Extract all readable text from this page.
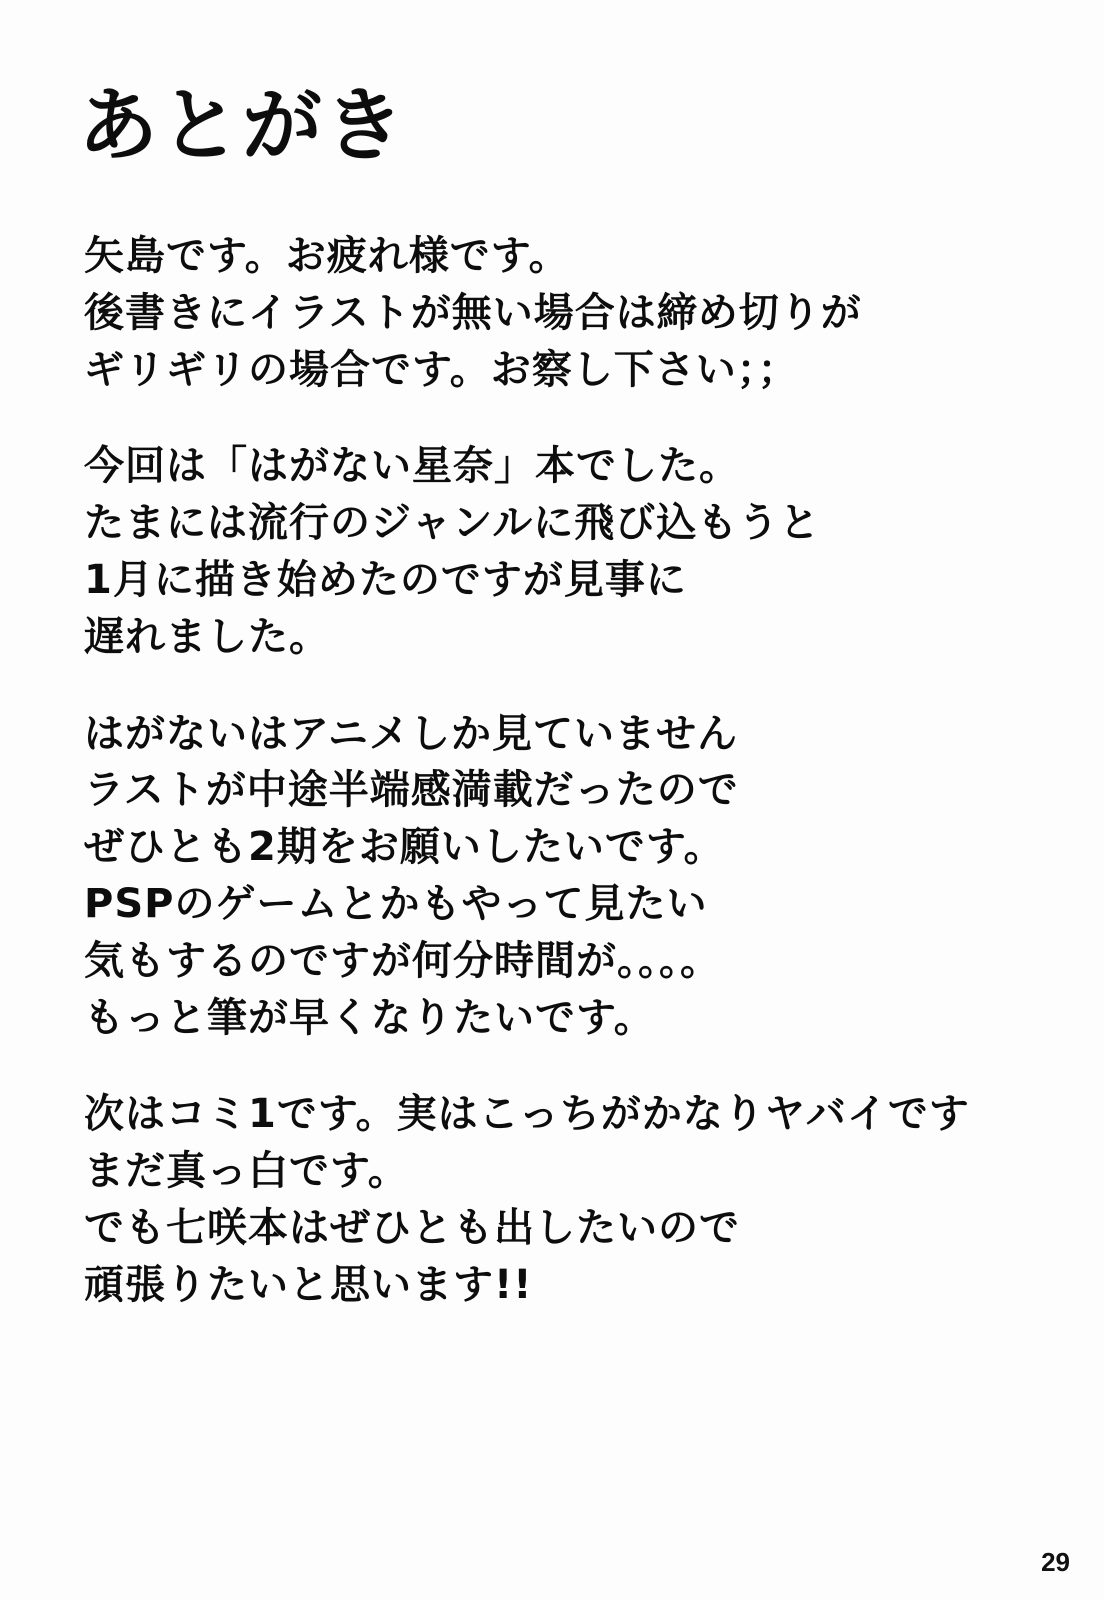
あとがき
矢島です。お疲れ様です。
後書きにイラストが無い場合は締め切りが
ギリギリの場合です。お察し下さい；；
今回は「はがない星奈」本でした。
たまには流行のジャンルに飛び込もうと
1月に描き始めたのですが見事に
遅れました。
はがないはアニメしか見ていません
ラストが中途半端感満載だったので
ぜひとも2期をお願いしたいです。
PSPのゲームとかもやって見たい
気もするのですが何分時間が。。。。
もっと筆が早くなりたいです。
次はコミ1です。実はこっちがかなりヤバイです
まだ真っ白です。
でも七咲本はぜひとも出したいので
頑張りたいと思います!!
29
